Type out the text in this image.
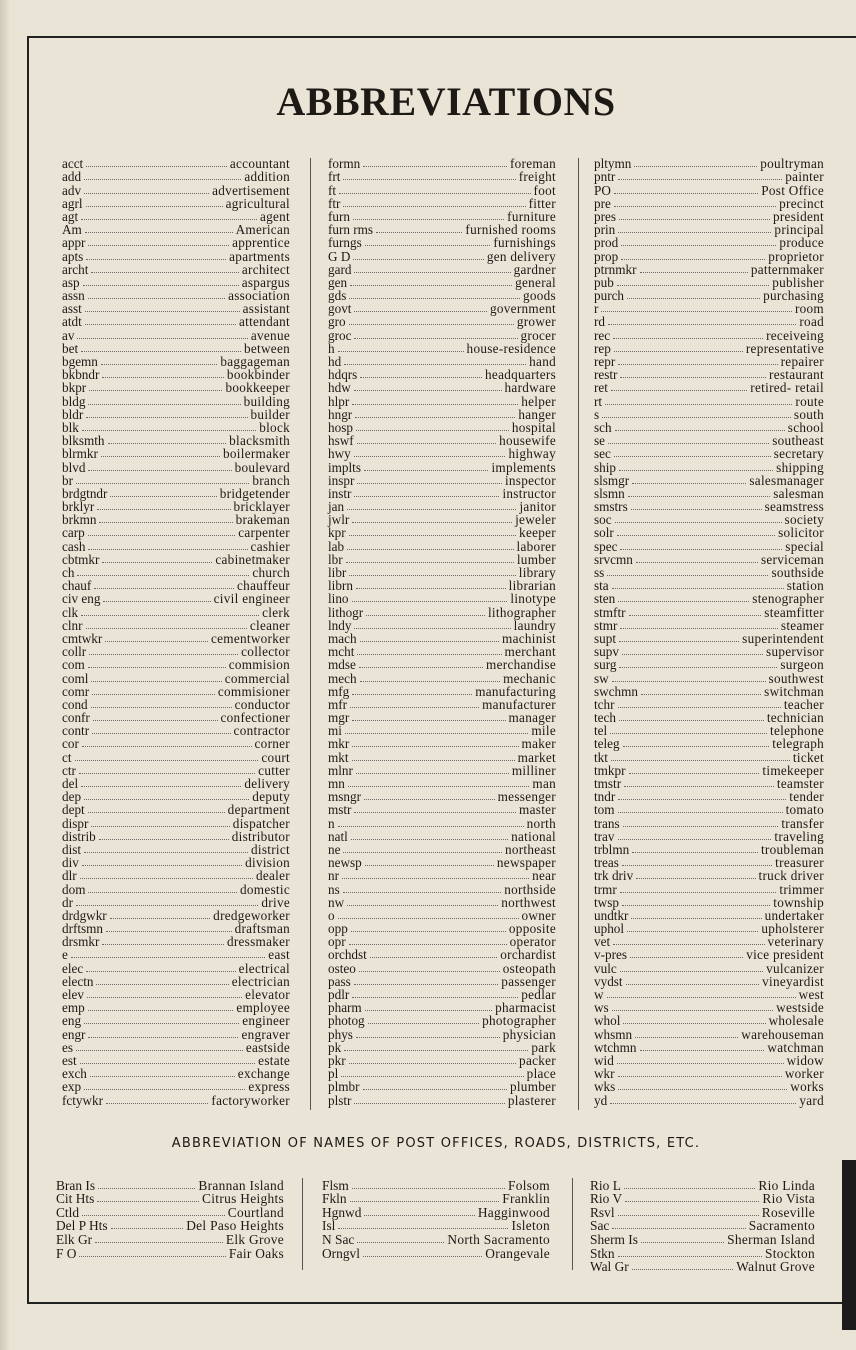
ABBREVIATIONS
acct	accountant
add	addition
adv	advertisement
agrl	agricultural
agt	agent
Am	American
appr	apprentice
apts	apartments
archt	architect
asp	aspargus
assn	association
asst	assistant
atdt	attendant
av	avenue
bet	between
bgemn	baggageman
bkbndr	bookbinder
bkpr	bookkeeper
bldg	building
bldr	builder
blk	block
blksmth	blacksmith
blrmkr	boilermaker
blvd	boulevard
br	branch
brdgtndr	bridgetender
brklyr	bricklayer
brkmn	brakeman
carp	carpenter
cash	cashier
cbtmkr	cabinetmaker
ch	church
chauf	chauffeur
civ eng	civil engineer
clk	clerk
clnr	cleaner
cmtwkr	cementworker
collr	collector
com	commision
coml	commercial
comr	commisioner
cond	conductor
confr	confectioner
contr	contractor
cor	corner
ct	court
ctr	cutter
del	delivery
dep	deputy
dept	department
dispr	dispatcher
distrib	distributor
dist	district
div	division
dlr	dealer
dom	domestic
dr	drive
drdgwkr	dredgeworker
drftsmn	draftsman
drsmkr	dressmaker
e	east
elec	electrical
electn	electrician
elev	elevator
emp	employee
eng	engineer
engr	engraver
es	eastside
est	estate
exch	exchange
exp	express
fctywkr	factoryworker
formn	foreman
frt	freight
ft	foot
ftr	fitter
furn	furniture
furn rms	furnished rooms
furngs	furnishings
G D	gen delivery
gard	gardner
gen	general
gds	goods
govt	government
gro	grower
groc	grocer
h	house-residence
hd	hand
hdqrs	headquarters
hdw	hardware
hlpr	helper
hngr	hanger
hosp	hospital
hswf	housewife
hwy	highway
implts	implements
inspr	inspector
instr	instructor
jan	janitor
jwlr	jeweler
kpr	keeper
lab	laborer
lbr	lumber
libr	library
librn	librarian
lino	linotype
lithogr	lithographer
lndy	laundry
mach	machinist
mcht	merchant
mdse	merchandise
mech	mechanic
mfg	manufacturing
mfr	manufacturer
mgr	manager
mi	mile
mkr	maker
mkt	market
mlnr	milliner
mn	man
msngr	messenger
mstr	master
n	north
natl	national
ne	northeast
newsp	newspaper
nr	near
ns	northside
nw	northwest
o	owner
opp	opposite
opr	operator
orchdst	orchardist
osteo	osteopath
pass	passenger
pdlr	pedlar
pharm	pharmacist
photog	photographer
phys	physician
pk	park
pkr	packer
pl	place
plmbr	plumber
plstr	plasterer
pltymn	poultryman
pntr	painter
PO	Post Office
pre	precinct
pres	president
prin	principal
prod	produce
prop	proprietor
ptrnmkr	patternmaker
pub	publisher
purch	purchasing
r	room
rd	road
rec	receiveing
rep	representative
repr	repairer
restr	restaurant
ret	retired- retail
rt	route
s	south
sch	school
se	southeast
sec	secretary
ship	shipping
slsmgr	salesmanager
slsmn	salesman
smstrs	seamstress
soc	society
solr	solicitor
spec	special
srvcmn	serviceman
ss	southside
sta	station
sten	stenographer
stmftr	steamfitter
stmr	steamer
supt	superintendent
supv	supervisor
surg	surgeon
sw	southwest
swchmn	switchman
tchr	teacher
tech	technician
tel	telephone
teleg	telegraph
tkt	ticket
tmkpr	timekeeper
tmstr	teamster
tndr	tender
tom	tomato
trans	transfer
trav	traveling
trblmn	troubleman
treas	treasurer
trk driv	truck driver
trmr	trimmer
twsp	township
undtkr	undertaker
uphol	upholsterer
vet	veterinary
v-pres	vice president
vulc	vulcanizer
vydst	vineyardist
w	west
ws	westside
whol	wholesale
whsmn	warehouseman
wtchmn	watchman
wid	widow
wkr	worker
wks	works
yd	yard
ABBREVIATION OF NAMES OF POST OFFICES, ROADS, DISTRICTS, ETC.
Bran Is	Brannan Island
Cit Hts	Citrus Heights
Ctld	Courtland
Del P Hts	Del Paso Heights
Elk Gr	Elk Grove
F O	Fair Oaks
Flsm	Folsom
Fkln	Franklin
Hgnwd	Hagginwood
Isl	Isleton
N Sac	North Sacramento
Orngvl	Orangevale
Rio L	Rio Linda
Rio V	Rio Vista
Rsvl	Roseville
Sac	Sacramento
Sherm Is	Sherman Island
Stkn	Stockton
Wal Gr	Walnut Grove
